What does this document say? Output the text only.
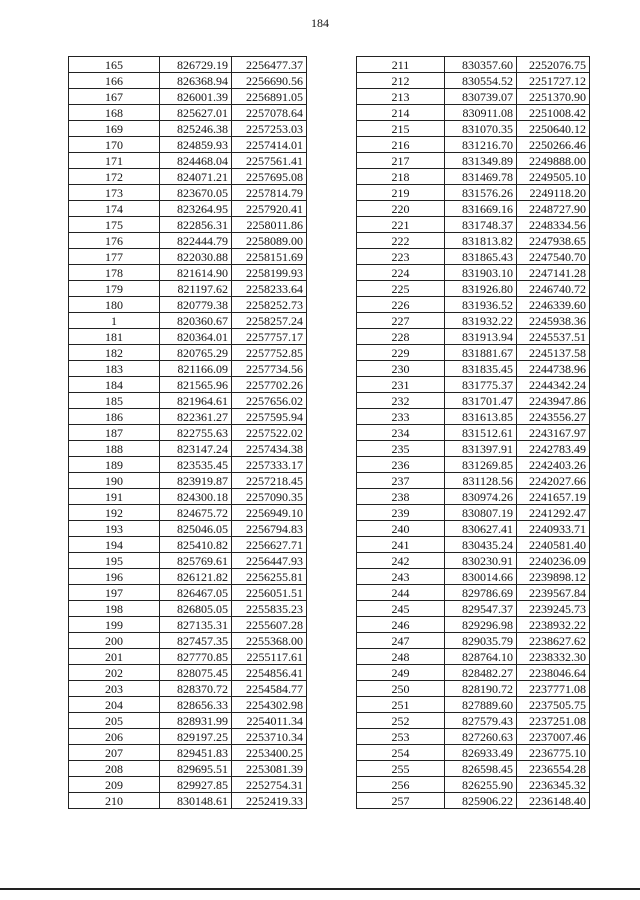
184
165	826729.19	2256477.37
166	826368.94	2256690.56
167	826001.39	2256891.05
168	825627.01	2257078.64
169	825246.38	2257253.03
170	824859.93	2257414.01
171	824468.04	2257561.41
172	824071.21	2257695.08
173	823670.05	2257814.79
174	823264.95	2257920.41
175	822856.31	2258011.86
176	822444.79	2258089.00
177	822030.88	2258151.69
178	821614.90	2258199.93
179	821197.62	2258233.64
180	820779.38	2258252.73
1	820360.67	2258257.24
181	820364.01	2257757.17
182	820765.29	2257752.85
183	821166.09	2257734.56
184	821565.96	2257702.26
185	821964.61	2257656.02
186	822361.27	2257595.94
187	822755.63	2257522.02
188	823147.24	2257434.38
189	823535.45	2257333.17
190	823919.87	2257218.45
191	824300.18	2257090.35
192	824675.72	2256949.10
193	825046.05	2256794.83
194	825410.82	2256627.71
195	825769.61	2256447.93
196	826121.82	2256255.81
197	826467.05	2256051.51
198	826805.05	2255835.23
199	827135.31	2255607.28
200	827457.35	2255368.00
201	827770.85	2255117.61
202	828075.45	2254856.41
203	828370.72	2254584.77
204	828656.33	2254302.98
205	828931.99	2254011.34
206	829197.25	2253710.34
207	829451.83	2253400.25
208	829695.51	2253081.39
209	829927.85	2252754.31
210	830148.61	2252419.33
211	830357.60	2252076.75
212	830554.52	2251727.12
213	830739.07	2251370.90
214	830911.08	2251008.42
215	831070.35	2250640.12
216	831216.70	2250266.46
217	831349.89	2249888.00
218	831469.78	2249505.10
219	831576.26	2249118.20
220	831669.16	2248727.90
221	831748.37	2248334.56
222	831813.82	2247938.65
223	831865.43	2247540.70
224	831903.10	2247141.28
225	831926.80	2246740.72
226	831936.52	2246339.60
227	831932.22	2245938.36
228	831913.94	2245537.51
229	831881.67	2245137.58
230	831835.45	2244738.96
231	831775.37	2244342.24
232	831701.47	2243947.86
233	831613.85	2243556.27
234	831512.61	2243167.97
235	831397.91	2242783.49
236	831269.85	2242403.26
237	831128.56	2242027.66
238	830974.26	2241657.19
239	830807.19	2241292.47
240	830627.41	2240933.71
241	830435.24	2240581.40
242	830230.91	2240236.09
243	830014.66	2239898.12
244	829786.69	2239567.84
245	829547.37	2239245.73
246	829296.98	2238932.22
247	829035.79	2238627.62
248	828764.10	2238332.30
249	828482.27	2238046.64
250	828190.72	2237771.08
251	827889.60	2237505.75
252	827579.43	2237251.08
253	827260.63	2237007.46
254	826933.49	2236775.10
255	826598.45	2236554.28
256	826255.90	2236345.32
257	825906.22	2236148.40
